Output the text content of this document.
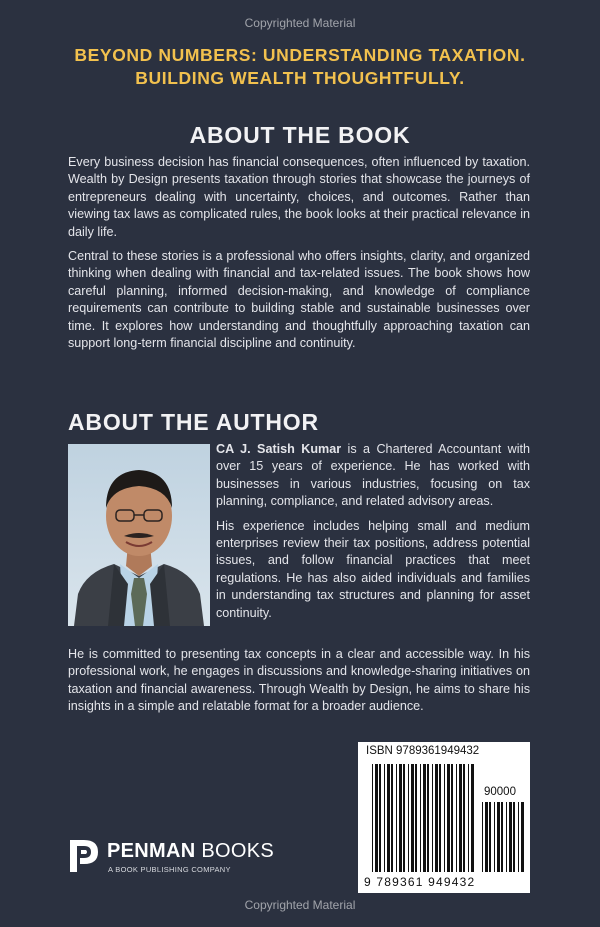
Copyrighted Material
BEYOND NUMBERS: UNDERSTANDING TAXATION.
BUILDING WEALTH THOUGHTFULLY.
ABOUT THE BOOK

Every business decision has financial consequences, often influenced by taxation. Wealth by Design presents taxation through stories that showcase the journeys of entrepreneurs dealing with uncertainty, choices, and outcomes. Rather than viewing tax laws as complicated rules, the book looks at their practical relevance in daily life.

Central to these stories is a professional who offers insights, clarity, and organized thinking when dealing with financial and tax-related issues. The book shows how careful planning, informed decision-making, and knowledge of compliance requirements can contribute to building stable and sustainable businesses over time. It explores how understanding and thoughtfully approaching taxation can support long-term financial discipline and continuity.

ABOUT THE AUTHOR

CA J. Satish Kumar is a Chartered Accountant with over 15 years of experience. He has worked with businesses in various industries, focusing on tax planning, compliance, and related advisory areas.

His experience includes helping small and medium enterprises review their tax positions, address potential issues, and follow financial practices that meet regulations. He has also aided individuals and families in understanding tax structures and planning for asset continuity.

He is committed to presenting tax concepts in a clear and accessible way. In his professional work, he engages in discussions and knowledge-sharing initiatives on taxation and financial awareness. Through Wealth by Design, he aims to share his insights in a simple and relatable format for a broader audience.

PENMAN BOOKS
A BOOK PUBLISHING COMPANY
ISBN 9789361949432
90000
9 789361 949432
Copyrighted Material
